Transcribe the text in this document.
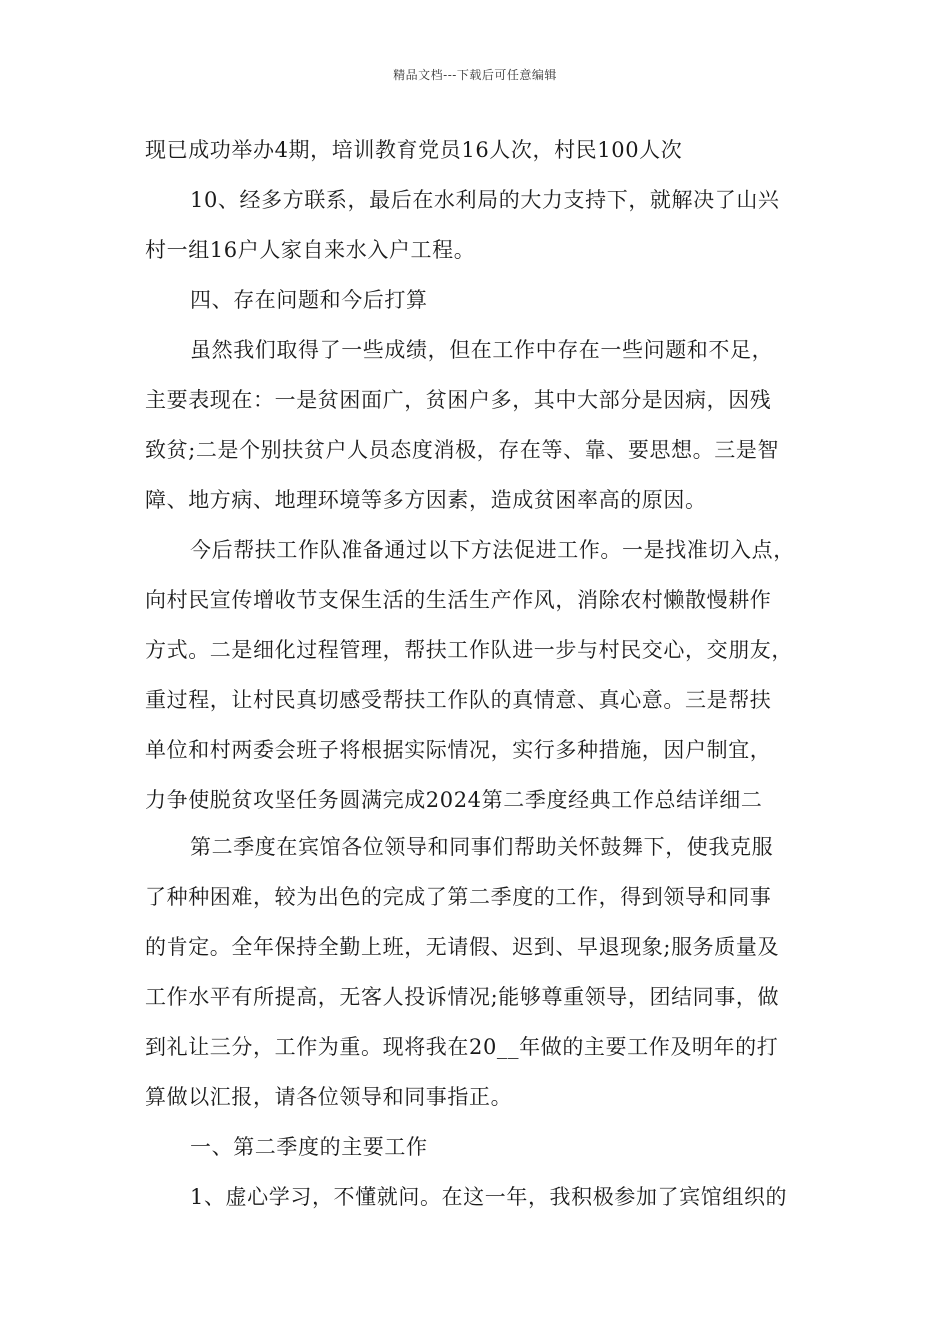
精品文档---下载后可任意编辑
现已成功举办4期，培训教育党员16人次，村民100人次
10、经多方联系，最后在水利局的大力支持下，就解决了山兴
村一组16户人家自来水入户工程。
四、存在问题和今后打算
虽然我们取得了一些成绩，但在工作中存在一些问题和不足，
主要表现在：一是贫困面广，贫困户多，其中大部分是因病，因残
致贫;二是个别扶贫户人员态度消极，存在等、靠、要思想。三是智
障、地方病、地理环境等多方因素，造成贫困率高的原因。
今后帮扶工作队准备通过以下方法促进工作。一是找准切入点，
向村民宣传增收节支保生活的生活生产作风，消除农村懒散慢耕作
方式。二是细化过程管理，帮扶工作队进一步与村民交心，交朋友，
重过程，让村民真切感受帮扶工作队的真情意、真心意。三是帮扶
单位和村两委会班子将根据实际情况，实行多种措施，因户制宜，
力争使脱贫攻坚任务圆满完成2024第二季度经典工作总结详细二
第二季度在宾馆各位领导和同事们帮助关怀鼓舞下，使我克服
了种种困难，较为出色的完成了第二季度的工作，得到领导和同事
的肯定。全年保持全勤上班，无请假、迟到、早退现象;服务质量及
工作水平有所提高，无客人投诉情况;能够尊重领导，团结同事，做
到礼让三分，工作为重。现将我在20__年做的主要工作及明年的打
算做以汇报，请各位领导和同事指正。
一、第二季度的主要工作
1、虚心学习，不懂就问。在这一年，我积极参加了宾馆组织的
